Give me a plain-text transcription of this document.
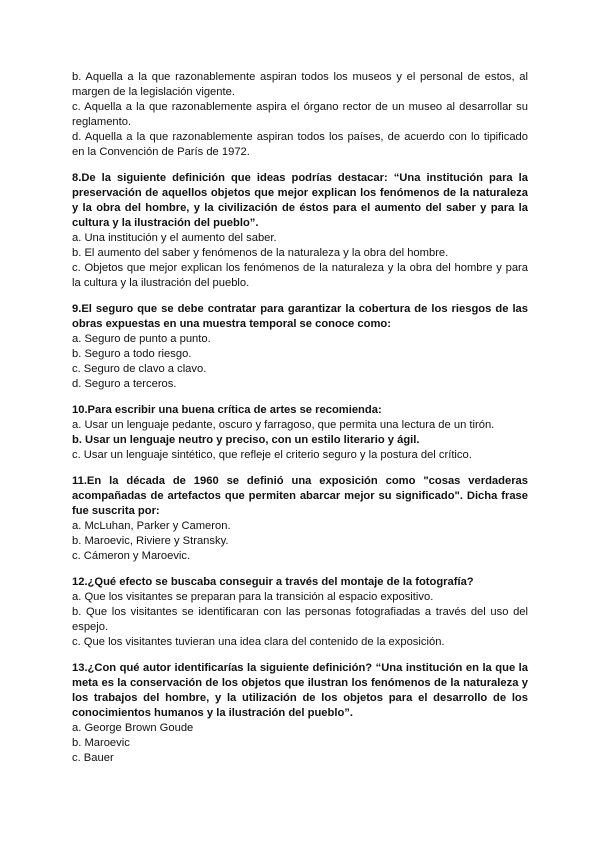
b. Aquella a la que razonablemente aspiran todos los museos y el personal de estos, al margen de la legislación vigente.

c. Aquella a la que razonablemente aspira el órgano rector de un museo al desarrollar su reglamento.

d. Aquella a la que razonablemente aspiran todos los países, de acuerdo con lo tipificado en la Convención de París de 1972.

8.De la siguiente definición que ideas podrías destacar: “Una institución para la preservación de aquellos objetos que mejor explican los fenómenos de la naturaleza y la obra del hombre, y la civilización de éstos para el aumento del saber y para la cultura y la ilustración del pueblo”.

a. Una institución y el aumento del saber.

b. El aumento del saber y fenómenos de la naturaleza y la obra del hombre.

c. Objetos que mejor explican los fenómenos de la naturaleza y la obra del hombre y para la cultura y la ilustración del pueblo.

9.El seguro que se debe contratar para garantizar la cobertura de los riesgos de las obras expuestas en una muestra temporal se conoce como:

a. Seguro de punto a punto.

b. Seguro a todo riesgo.

c. Seguro de clavo a clavo.

d. Seguro a terceros.

10.Para escribir una buena crítica de artes se recomienda:

a. Usar un lenguaje pedante, oscuro y farragoso, que permita una lectura de un tirón.

b. Usar un lenguaje neutro y preciso, con un estilo literario y ágil.

c. Usar un lenguaje sintético, que refleje el criterio seguro y la postura del crítico.

11.En la década de 1960 se definió una exposición como "cosas verdaderas acompañadas de artefactos que permiten abarcar mejor su significado". Dicha frase fue suscrita por:

a. McLuhan, Parker y Cameron.

b. Maroevic, Riviere y Stransky.

c. Cámeron y Maroevic.

12.¿Qué efecto se buscaba conseguir a través del montaje de la fotografía?

a. Que los visitantes se preparan para la transición al espacio expositivo.

b. Que los visitantes se identificaran con las personas fotografiadas a través del uso del espejo.

c. Que los visitantes tuvieran una idea clara del contenido de la exposición.

13.¿Con qué autor identificarías la siguiente definición? “Una institución en la que la meta es la conservación de los objetos que ilustran los fenómenos de la naturaleza y los trabajos del hombre, y la utilización de los objetos para el desarrollo de los conocimientos humanos y la ilustración del pueblo”.

a. George Brown Goude

b. Maroevic

c. Bauer
